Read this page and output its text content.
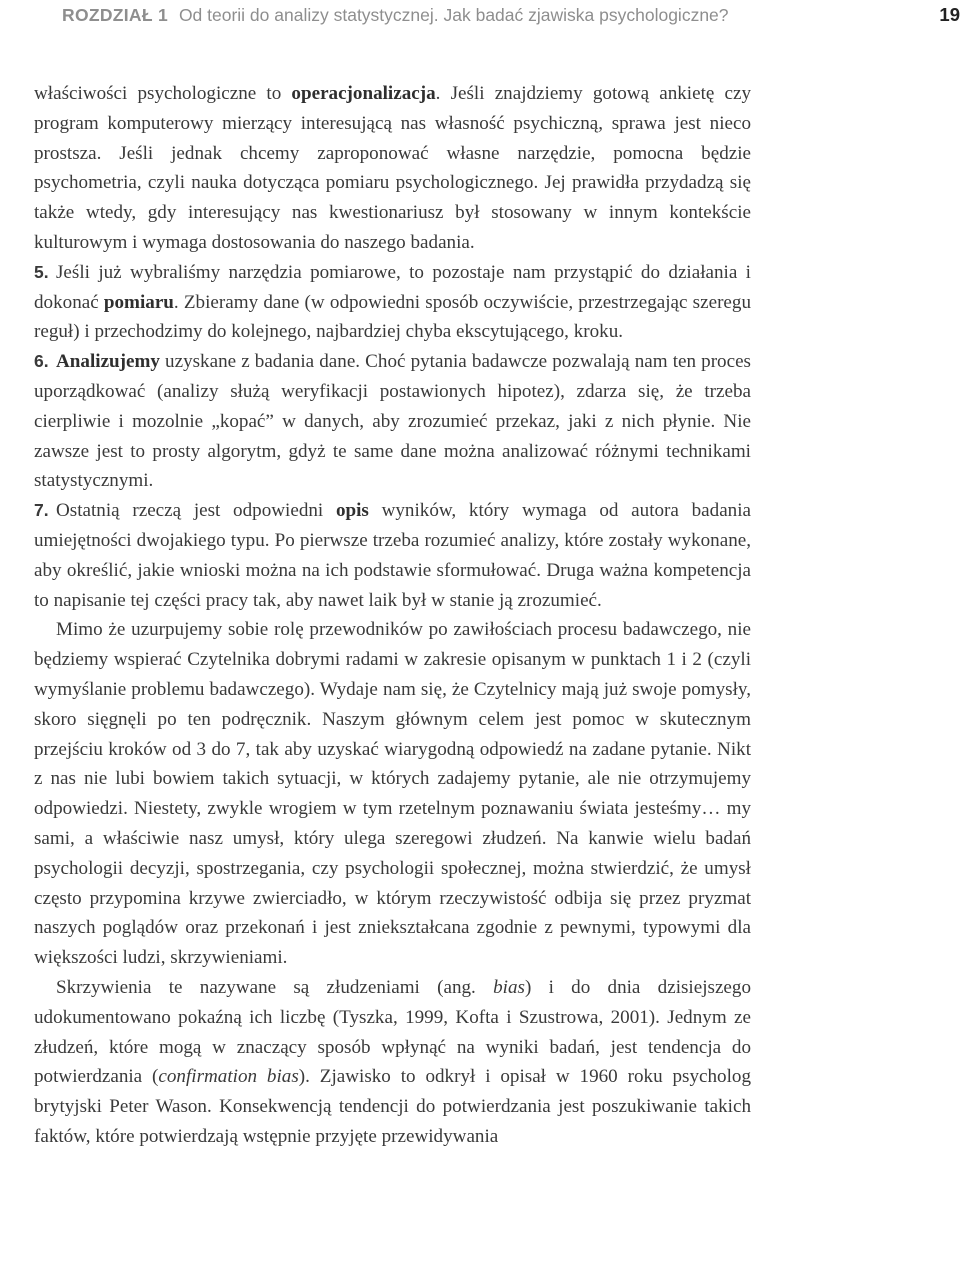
ROZDZIAŁ 1 Od teorii do analizy statystycznej. Jak badać zjawiska psychologiczne?	19

właściwości psychologiczne to operacjonalizacja. Jeśli znajdziemy gotową ankietę czy program komputerowy mierzący interesującą nas własność psychiczną, sprawa jest nieco prostsza. Jeśli jednak chcemy zaproponować własne narzędzie, pomocna będzie psychometria, czyli nauka dotycząca pomiaru psychologicznego. Jej prawidła przydadzą się także wtedy, gdy interesujący nas kwestionariusz był stosowany w innym kontekście kulturowym i wymaga dostosowania do naszego badania.

5. Jeśli już wybraliśmy narzędzia pomiarowe, to pozostaje nam przystąpić do działania i dokonać pomiaru. Zbieramy dane (w odpowiedni sposób oczywiście, przestrzegając szeregu reguł) i przechodzimy do kolejnego, najbardziej chyba ekscytującego, kroku.
6. Analizujemy uzyskane z badania dane. Choć pytania badawcze pozwalają nam ten proces uporządkować (analizy służą weryfikacji postawionych hipotez), zdarza się, że trzeba cierpliwie i mozolnie „kopać” w danych, aby zrozumieć przekaz, jaki z nich płynie. Nie zawsze jest to prosty algorytm, gdyż te same dane można analizować różnymi technikami statystycznymi.
7. Ostatnią rzeczą jest odpowiedni opis wyników, który wymaga od autora badania umiejętności dwojakiego typu. Po pierwsze trzeba rozumieć analizy, które zostały wykonane, aby określić, jakie wnioski można na ich podstawie sformułować. Druga ważna kompetencja to napisanie tej części pracy tak, aby nawet laik był w stanie ją zrozumieć.

Mimo że uzurpujemy sobie rolę przewodników po zawiłościach procesu badawczego, nie będziemy wspierać Czytelnika dobrymi radami w zakresie opisanym w punktach 1 i 2 (czyli wymyślanie problemu badawczego). Wydaje nam się, że Czytelnicy mają już swoje pomysły, skoro sięgnęli po ten podręcznik. Naszym głównym celem jest pomoc w skutecznym przejściu kroków od 3 do 7, tak aby uzyskać wiarygodną odpowiedź na zadane pytanie. Nikt z nas nie lubi bowiem takich sytuacji, w których zadajemy pytanie, ale nie otrzymujemy odpowiedzi. Niestety, zwykle wrogiem w tym rzetelnym poznawaniu świata jesteśmy… my sami, a właściwie nasz umysł, który ulega szeregowi złudzeń. Na kanwie wielu badań psychologii decyzji, spostrzegania, czy psychologii społecznej, można stwierdzić, że umysł często przypomina krzywe zwierciadło, w którym rzeczywistość odbija się przez pryzmat naszych poglądów oraz przekonań i jest zniekształcana zgodnie z pewnymi, typowymi dla większości ludzi, skrzywieniami.

Skrzywienia te nazywane są złudzeniami (ang. bias) i do dnia dzisiejszego udokumentowano pokaźną ich liczbę (Tyszka, 1999, Kofta i Szustrowa, 2001). Jednym ze złudzeń, które mogą w znaczący sposób wpłynąć na wyniki badań, jest tendencja do potwierdzania (confirmation bias). Zjawisko to odkrył i opisał w 1960 roku psycholog brytyjski Peter Wason. Konsekwencją tendencji do potwierdzania jest poszukiwanie takich faktów, które potwierdzają wstępnie przyjęte przewidywania
